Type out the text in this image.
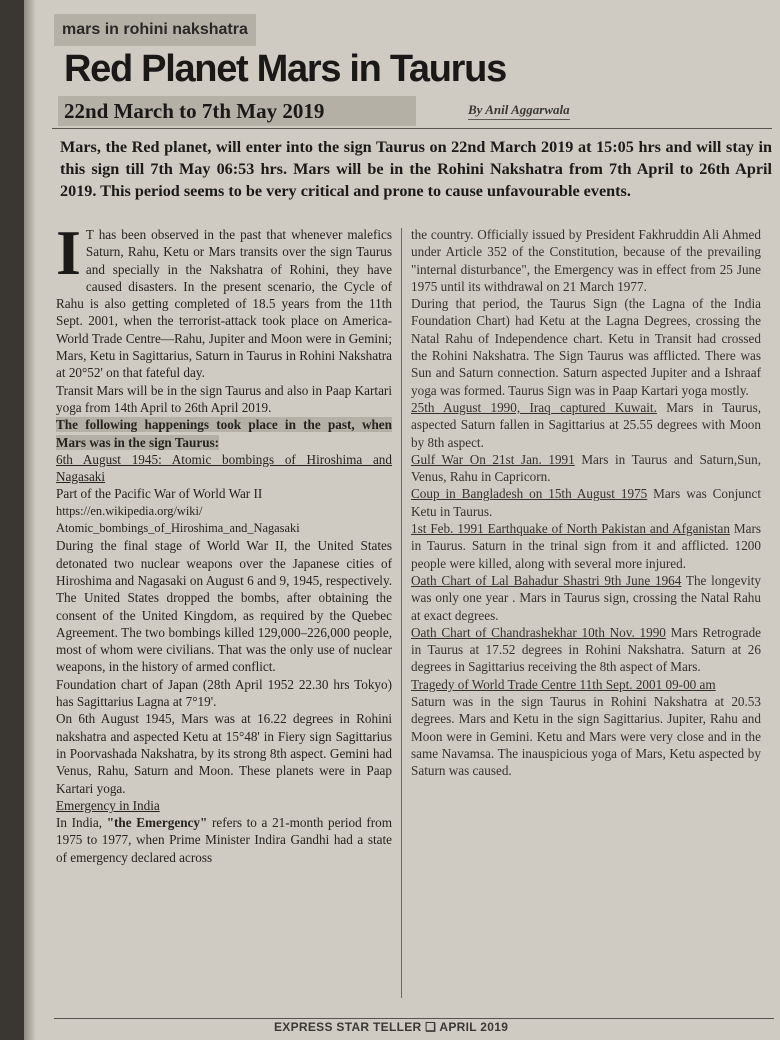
mars in rohini nakshatra
Red Planet Mars in Taurus
22nd March to 7th May 2019	By Anil Aggarwala
Mars, the Red planet, will enter into the sign Taurus on 22nd March 2019 at 15:05 hrs and will stay in this sign till 7th May 06:53 hrs. Mars will be in the Rohini Nakshatra from 7th April to 26th April 2019. This period seems to be very critical and prone to cause unfavourable events.

I T has been observed in the past that whenever malefics Saturn, Rahu, Ketu or Mars transits over the sign Taurus and specially in the Nakshatra of Rohini, they have caused disasters. In the present scenario, the Cycle of Rahu is also getting completed of 18.5 years from the 11th Sept. 2001, when the terrorist-attack took place on America-World Trade Centre—Rahu, Jupiter and Moon were in Gemini; Mars, Ketu in Sagittarius, Saturn in Taurus in Rohini Nakshatra at 20°52' on that fateful day.

Transit Mars will be in the sign Taurus and also in Paap Kartari yoga from 14th April to 26th April 2019.

The following happenings took place in the past, when Mars was in the sign Taurus:

6th August 1945: Atomic bombings of Hiroshima and Nagasaki

Part of the Pacific War of World War II

https://en.wikipedia.org/wiki/

Atomic_bombings_of_Hiroshima_and_Nagasaki

During the final stage of World War II, the United States detonated two nuclear weapons over the Japanese cities of Hiroshima and Nagasaki on August 6 and 9, 1945, respectively. The United States dropped the bombs, after obtaining the consent of the United Kingdom, as required by the Quebec Agreement. The two bombings killed 129,000–226,000 people, most of whom were civilians. That was the only use of nuclear weapons, in the history of armed conflict.

Foundation chart of Japan (28th April 1952 22.30 hrs Tokyo) has Sagittarius Lagna at 7°19'.

On 6th August 1945, Mars was at 16.22 degrees in Rohini nakshatra and aspected Ketu at 15°48' in Fiery sign Sagittarius in Poorvashada Nakshatra, by its strong 8th aspect. Gemini had Venus, Rahu, Saturn and Moon. These planets were in Paap Kartari yoga.

Emergency in India

In India, "the Emergency" refers to a 21-month period from 1975 to 1977, when Prime Minister Indira Gandhi had a state of emergency declared across

the country. Officially issued by President Fakhruddin Ali Ahmed under Article 352 of the Constitution, because of the prevailing "internal disturbance", the Emergency was in effect from 25 June 1975 until its withdrawal on 21 March 1977.

During that period, the Taurus Sign (the Lagna of the India Foundation Chart) had Ketu at the Lagna Degrees, crossing the Natal Rahu of Independence chart. Ketu in Transit had crossed the Rohini Nakshatra. The Sign Taurus was afflicted. There was Sun and Saturn connection. Saturn aspected Jupiter and a Ishraaf yoga was formed. Taurus Sign was in Paap Kartari yoga mostly.

25th August 1990, Iraq captured Kuwait. Mars in Taurus, aspected Saturn fallen in Sagittarius at 25.55 degrees with Moon by 8th aspect.

Gulf War On 21st Jan. 1991 Mars in Taurus and Saturn,Sun, Venus, Rahu in Capricorn.

Coup in Bangladesh on 15th August 1975 Mars was Conjunct Ketu in Taurus.

1st Feb. 1991 Earthquake of North Pakistan and Afganistan Mars in Taurus. Saturn in the trinal sign from it and afflicted. 1200 people were killed, along with several more injured.

Oath Chart of Lal Bahadur Shastri 9th June 1964 The longevity was only one year . Mars in Taurus sign, crossing the Natal Rahu at exact degrees.

Oath Chart of Chandrashekhar 10th Nov. 1990 Mars Retrograde in Taurus at 17.52 degrees in Rohini Nakshatra. Saturn at 26 degrees in Sagittarius receiving the 8th aspect of Mars.

Tragedy of World Trade Centre 11th Sept. 2001 09-00 am

Saturn was in the sign Taurus in Rohini Nakshatra at 20.53 degrees. Mars and Ketu in the sign Sagittarius. Jupiter, Rahu and Moon were in Gemini. Ketu and Mars were very close and in the same Navamsa. The inauspicious yoga of Mars, Ketu aspected by Saturn was caused.

EXPRESS STAR TELLER ❑ APRIL 2019
